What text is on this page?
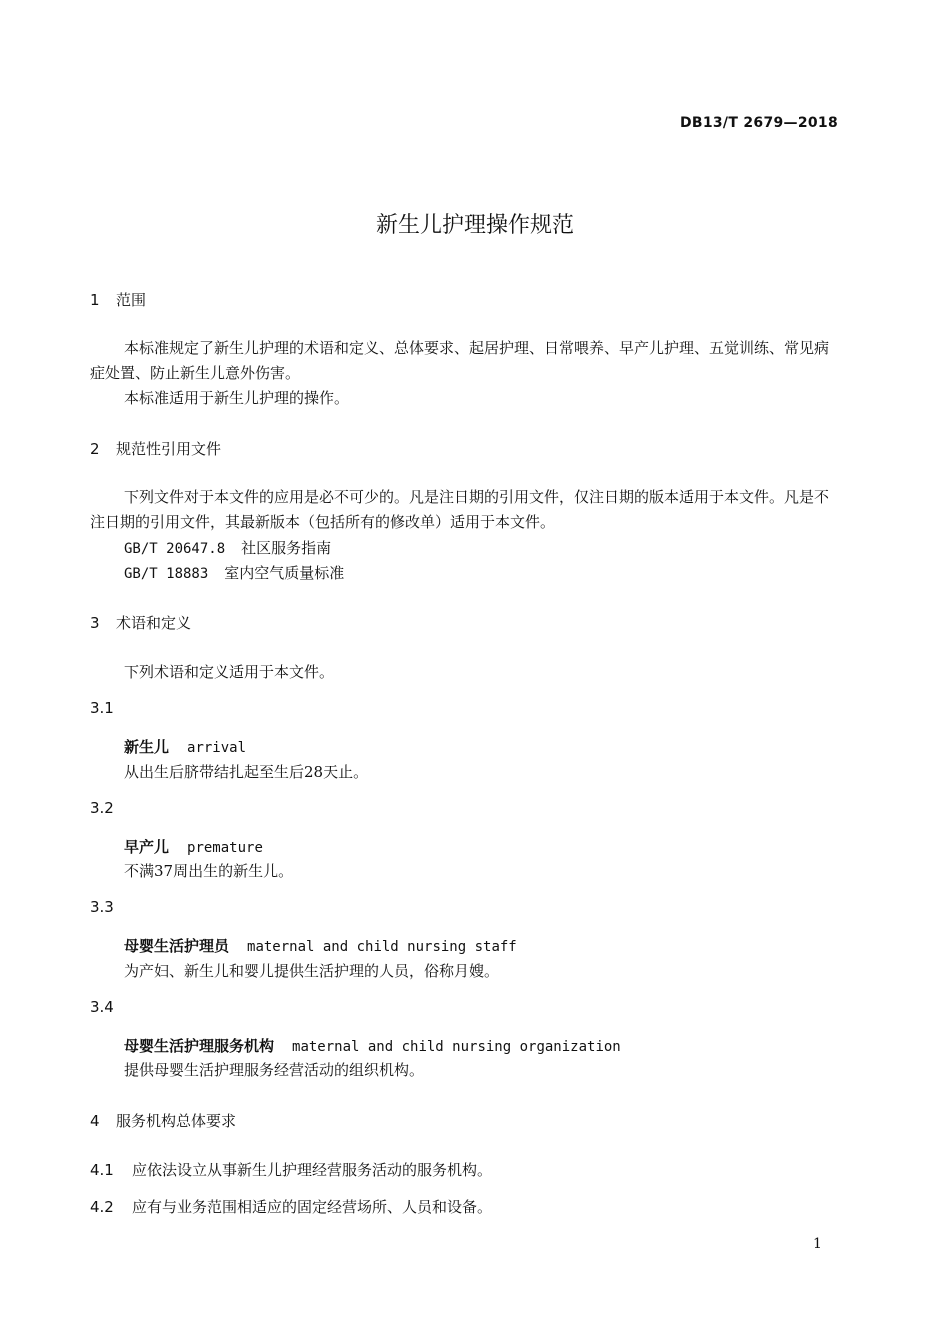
DB13/T 2679—2018
新生儿护理操作规范
1 范围
本标准规定了新生儿护理的术语和定义、总体要求、起居护理、日常喂养、早产儿护理、五觉训练、常见病症处置、防止新生儿意外伤害。
本标准适用于新生儿护理的操作。
2 规范性引用文件
下列文件对于本文件的应用是必不可少的。凡是注日期的引用文件，仅注日期的版本适用于本文件。凡是不注日期的引用文件，其最新版本（包括所有的修改单）适用于本文件。
GB/T 20647.8 社区服务指南
GB/T 18883 室内空气质量标准
3 术语和定义
下列术语和定义适用于本文件。
3.1
新生儿 arrival
从出生后脐带结扎起至生后28天止。
3.2
早产儿 premature
不满37周出生的新生儿。
3.3
母婴生活护理员 maternal and child nursing staff
为产妇、新生儿和婴儿提供生活护理的人员，俗称月嫂。
3.4
母婴生活护理服务机构 maternal and child nursing organization
提供母婴生活护理服务经营活动的组织机构。
4 服务机构总体要求
4.1 应依法设立从事新生儿护理经营服务活动的服务机构。
4.2 应有与业务范围相适应的固定经营场所、人员和设备。
1
